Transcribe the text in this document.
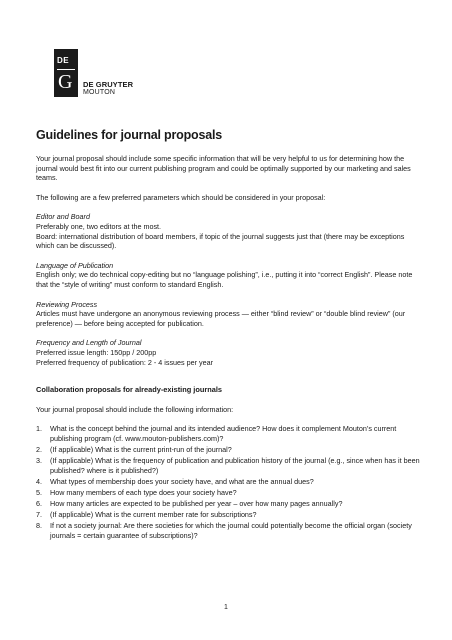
DE
G DE GRUYTER
MOUTON
Guidelines for journal proposals

Your journal proposal should include some specific information that will be very helpful to us for determining how the journal would best fit into our current publishing program and could be optimally supported by our marketing and sales teams.

The following are a few preferred parameters which should be considered in your proposal:

Editor and Board

Preferably one, two editors at the most.

Board: international distribution of board members, if topic of the journal suggests just that (there may be exceptions which can be discussed).

Language of Publication

English only; we do technical copy-editing but no “language polishing”, i.e., putting it into “correct English”. Please note that the “style of writing” must conform to standard English.

Reviewing Process

Articles must have undergone an anonymous reviewing process — either “blind review” or “double blind review” (our preference) — before being accepted for publication.

Frequency and Length of Journal

Preferred issue length: 150pp / 200pp

Preferred frequency of publication: 2 - 4 issues per year

Collaboration proposals for already-existing journals

Your journal proposal should include the following information:

1.	What is the concept behind the journal and its intended audience? How does it complement Mouton’s current publishing program (cf. www.mouton-publishers.com)?
2.	(If applicable) What is the current print-run of the journal?
3.	(If applicable) What is the frequency of publication and publication history of the journal (e.g., since when has it been published? where is it published?)
4.	What types of membership does your society have, and what are the annual dues?
5.	How many members of each type does your society have?
6.	How many articles are expected to be published per year – over how many pages annually?
7.	(If applicable) What is the current member rate for subscriptions?
8.	If not a society journal: Are there societies for which the journal could potentially become the official organ (society journals = certain guarantee of subscriptions)?
1
